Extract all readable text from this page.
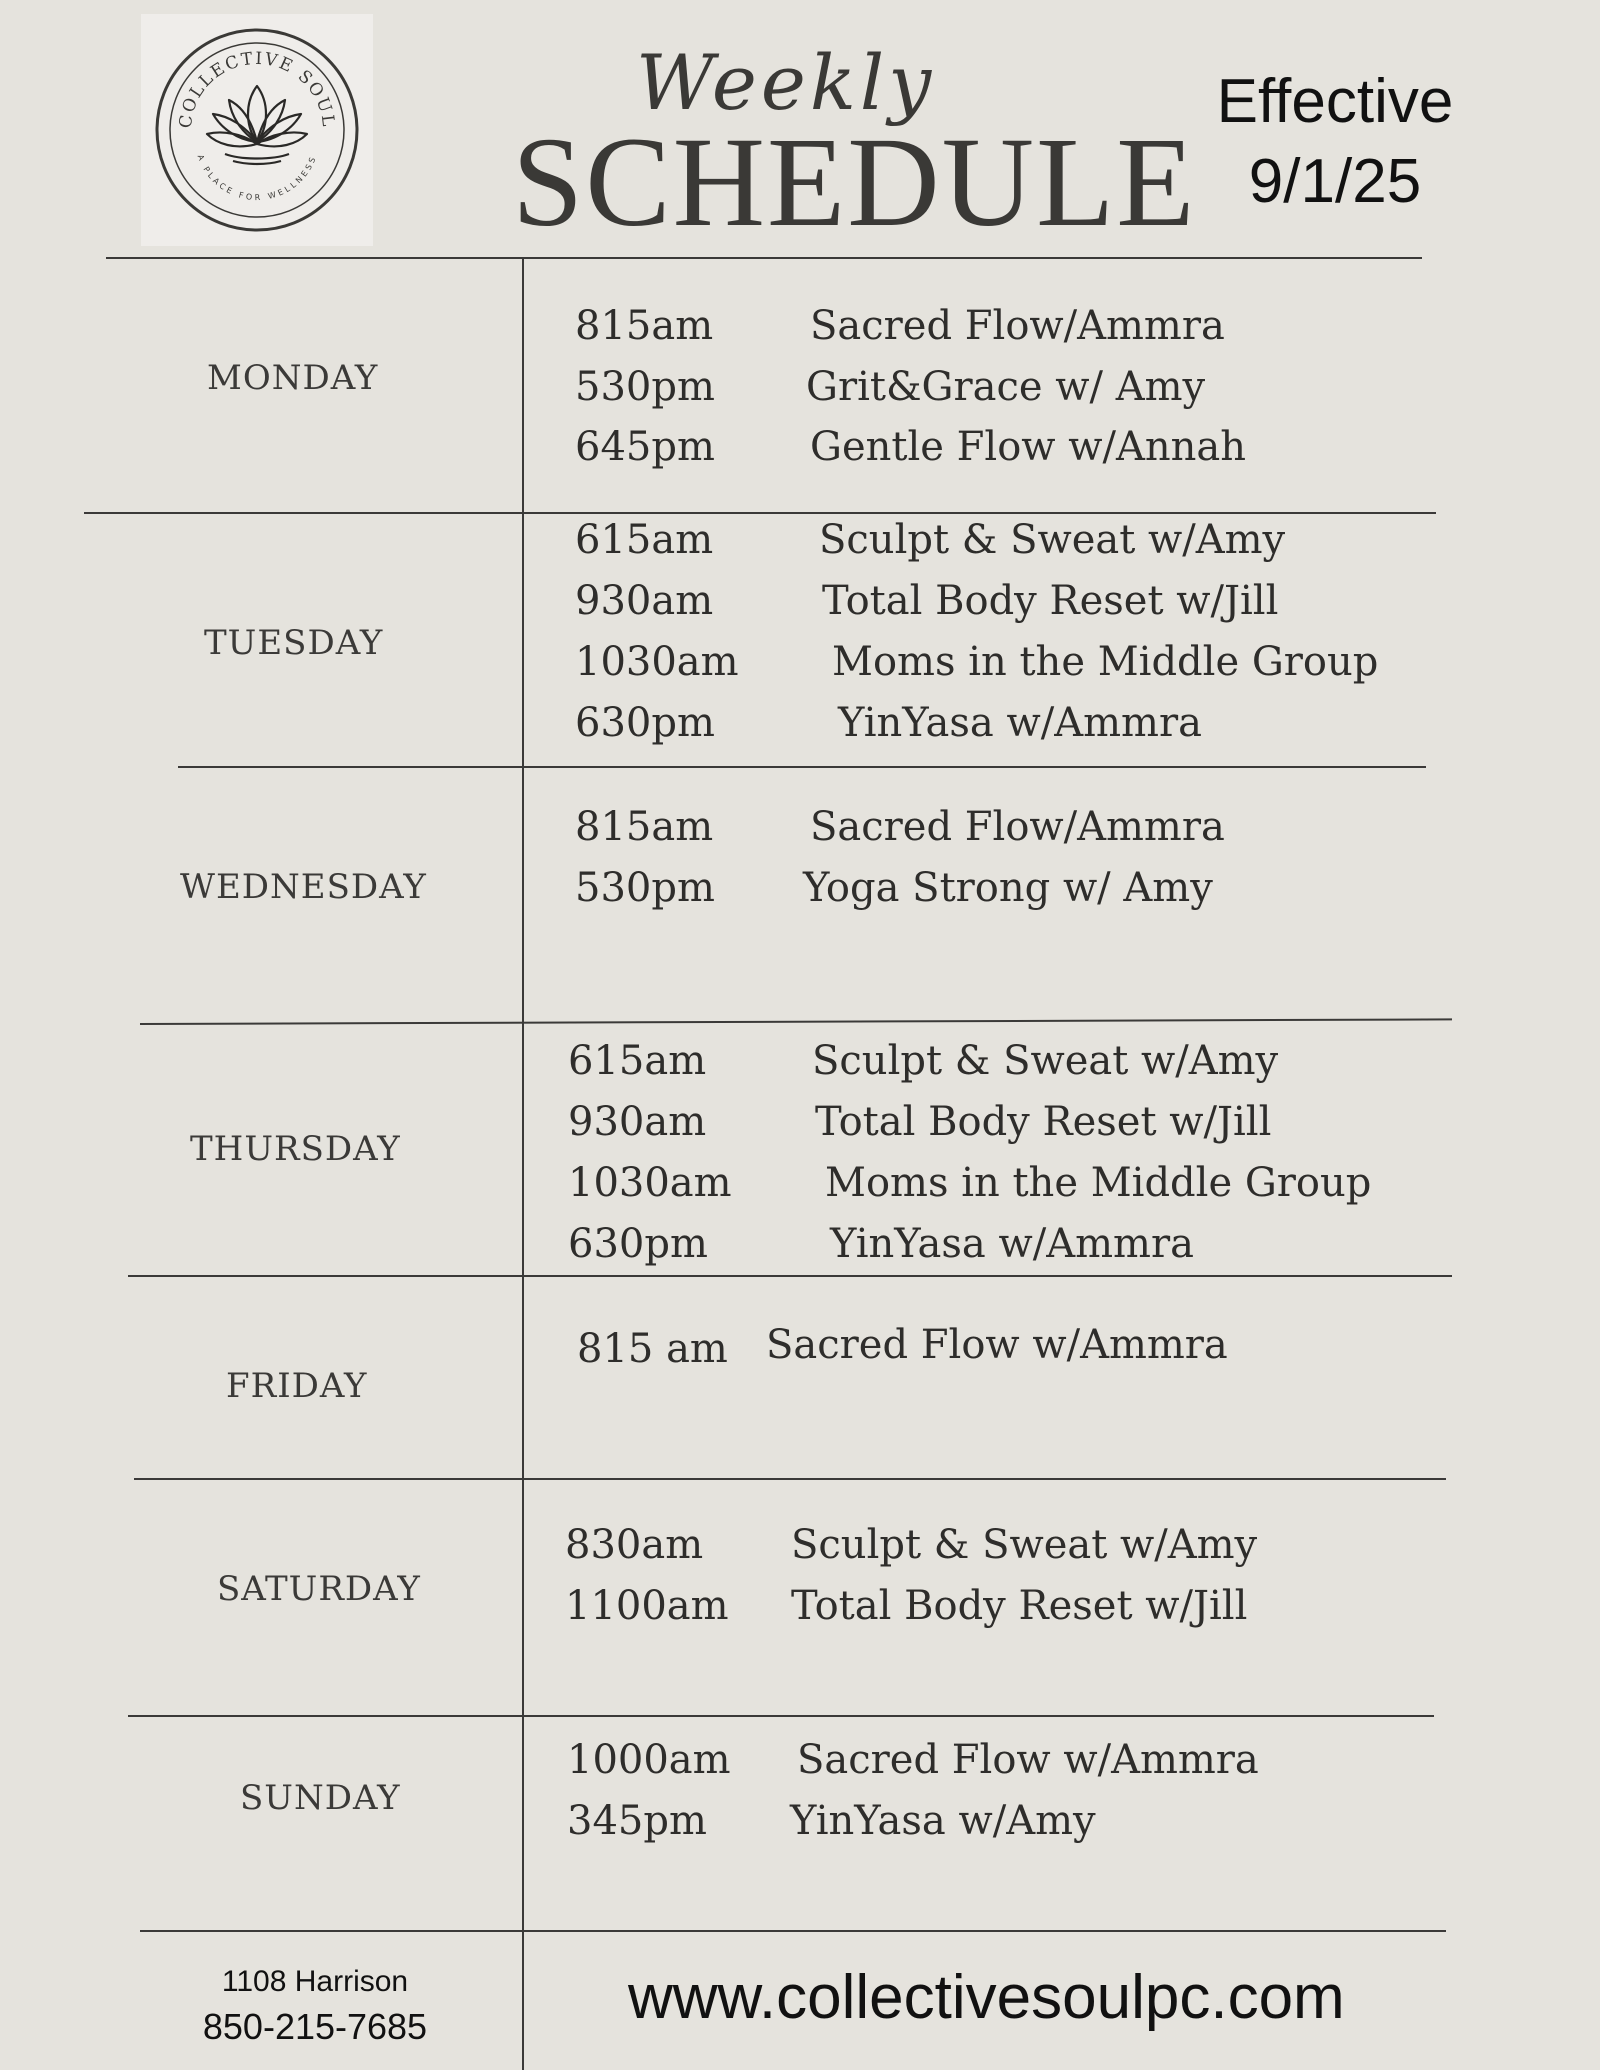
COLLECTIVE SOUL
A PLACE FOR WELLNESS
Weekly
SCHEDULE
Effective
9/1/25
MONDAY
815am Sacred Flow/Ammra
530pm Grit&Grace w/ Amy
645pm Gentle Flow w/Annah
TUESDAY
615am	Sculpt & Sweat w/Amy
930am	Total Body Reset w/Jill
1030am Moms in the Middle Group
630pm	YinYasa w/Ammra
WEDNESDAY
815am Sacred Flow/Ammra
530pm Yoga Strong w/ Amy
THURSDAY
615am	Sculpt & Sweat w/Amy
930am	Total Body Reset w/Jill
1030am Moms in the Middle Group
630pm	YinYasa w/Ammra
FRIDAY
815 am Sacred Flow w/Ammra
SATURDAY
830am Sculpt & Sweat w/Amy
1100am Total Body Reset w/Jill
SUNDAY
1000am Sacred Flow w/Ammra
345pm YinYasa w/Amy
1108 Harrison
850-215-7685	www.collectivesoulpc.com
